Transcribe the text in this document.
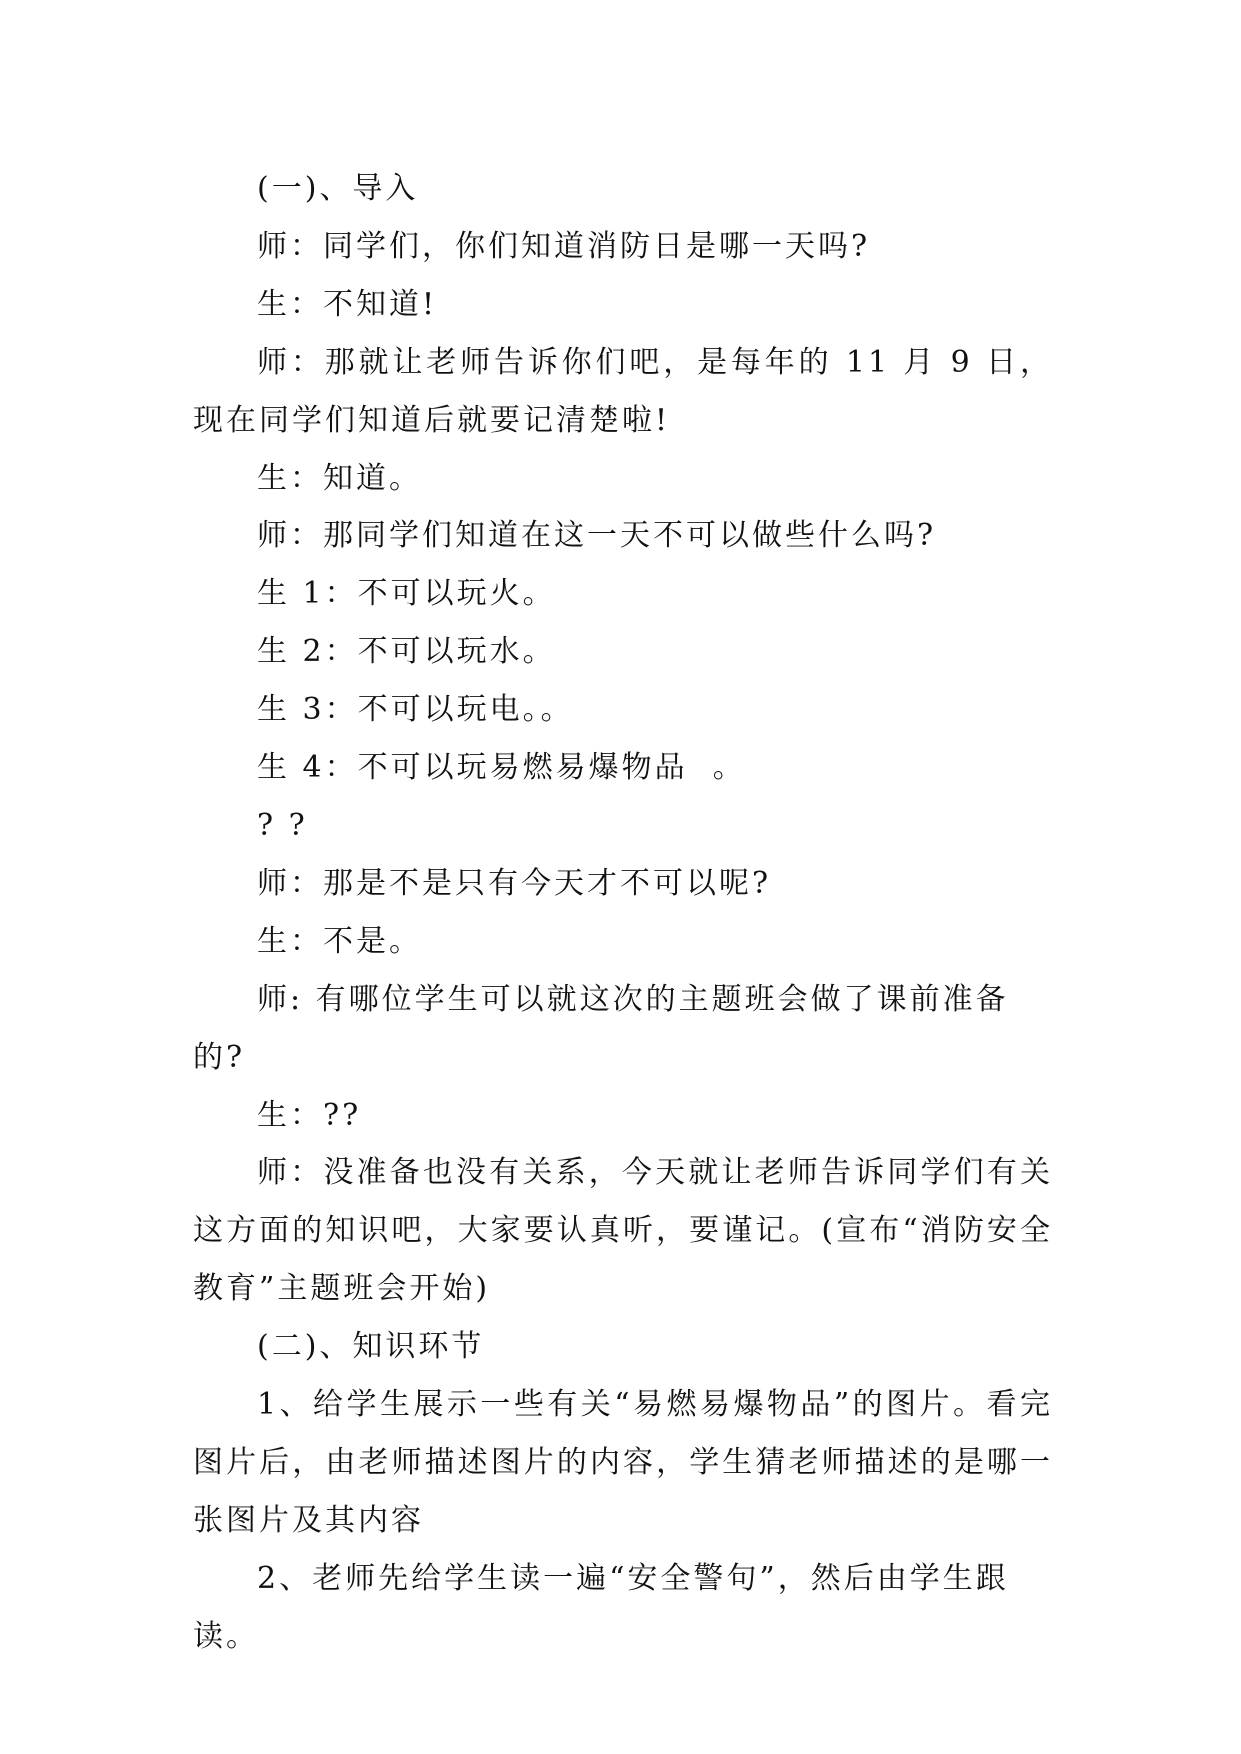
(一)、导入

师：同学们，你们知道消防日是哪一天吗?

生：不知道!

师：那就让老师告诉你们吧，是每年的 11 月 9 日，现在同学们知道后就要记清楚啦!

生：知道。

师：那同学们知道在这一天不可以做些什么吗?

生 1：不可以玩火。

生 2：不可以玩水。

生 3：不可以玩电。。

生 4：不可以玩易燃易爆物品  。

? ?

师：那是不是只有今天才不可以呢?

生：不是。

师: 有哪位学生可以就这次的主题班会做了课前准备的?

生：??

师：没准备也没有关系，今天就让老师告诉同学们有关这方面的知识吧，大家要认真听，要谨记。(宣布“消防安全教育”主题班会开始)

(二)、知识环节

1、给学生展示一些有关“易燃易爆物品”的图片。看完图片后，由老师描述图片的内容，学生猜老师描述的是哪一张图片及其内容

2、老师先给学生读一遍“安全警句”，然后由学生跟读。
